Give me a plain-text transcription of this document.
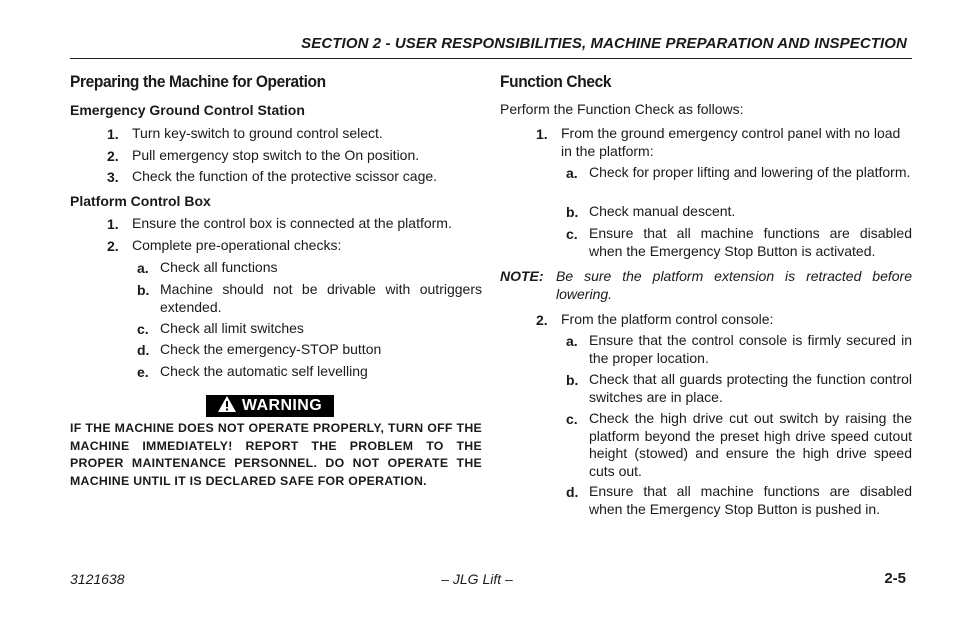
SECTION 2 - USER RESPONSIBILITIES, MACHINE PREPARATION AND INSPECTION
Preparing the Machine for Operation
Emergency Ground Control Station
1. Turn key-switch to ground control select.
2. Pull emergency stop switch to the On position.
3. Check the function of the protective scissor cage.
Platform Control Box
1. Ensure the control box is connected at the platform.
2. Complete pre-operational checks:
a. Check all functions
b. Machine should not be drivable with outriggers extended.
c. Check all limit switches
d. Check the emergency-STOP button
e. Check the automatic self levelling
WARNING
IF THE MACHINE DOES NOT OPERATE PROPERLY, TURN OFF THE MACHINE IMMEDIATELY! REPORT THE PROBLEM TO THE PROPER MAINTENANCE PERSONNEL. DO NOT OPERATE THE MACHINE UNTIL IT IS DECLARED SAFE FOR OPERATION.
Function Check
Perform the Function Check as follows:
1. From the ground emergency control panel with no load in the platform:
a. Check for proper lifting and lowering of the platform.
b. Check manual descent.
c. Ensure that all machine functions are disabled when the Emergency Stop Button is activated.
NOTE: Be sure the platform extension is retracted before lowering.
2. From the platform control console:
a. Ensure that the control console is firmly secured in the proper location.
b. Check that all guards protecting the function control switches are in place.
c. Check the high drive cut out switch by raising the platform beyond the preset high drive speed cutout height (stowed) and ensure the high drive speed cuts out.
d. Ensure that all machine functions are disabled when the Emergency Stop Button is pushed in.
3121638	– JLG Lift –	2-5
